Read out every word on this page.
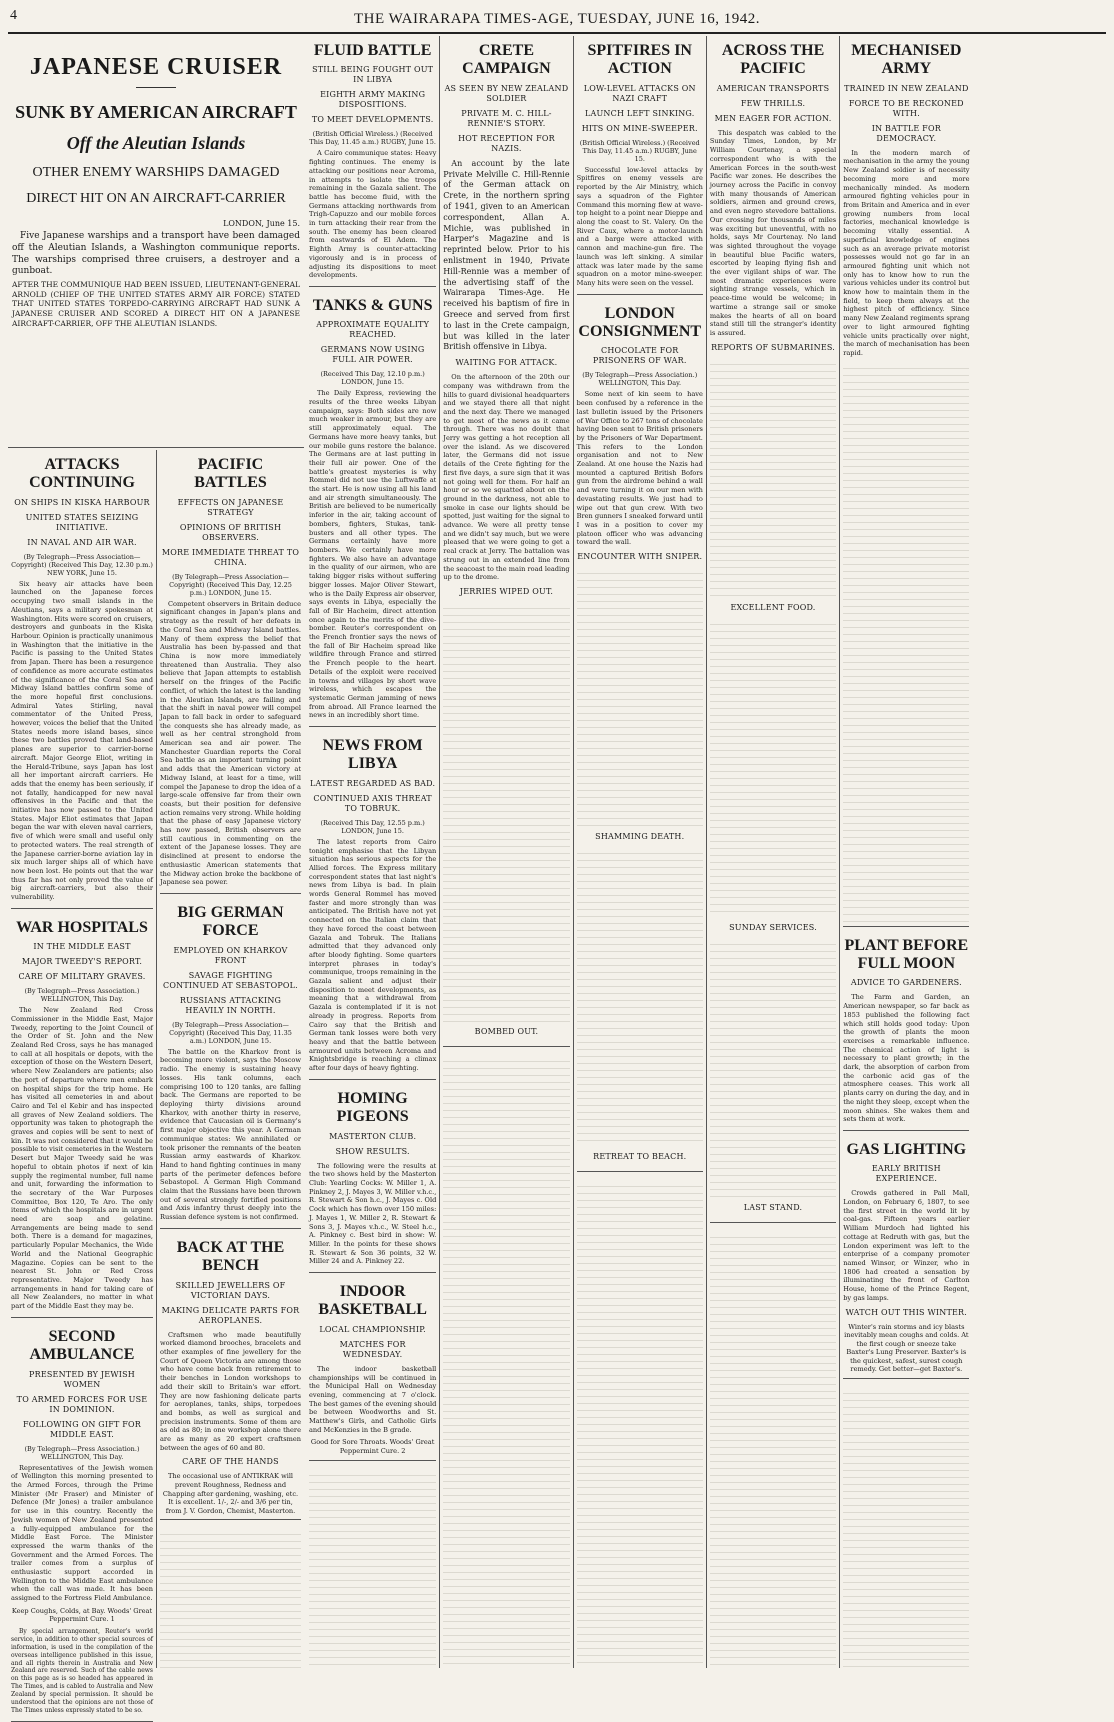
4	THE WAIRARAPA TIMES-AGE, TUESDAY, JUNE 16, 1942.
JAPANESE CRUISER
SUNK BY AMERICAN AIRCRAFT
Off the Aleutian Islands
OTHER ENEMY WARSHIPS DAMAGED
DIRECT HIT ON AN AIRCRAFT-CARRIER
LONDON, June 15.

Five Japanese warships and a transport have been damaged off the Aleutian Islands, a Washington communique reports. The warships comprised three cruisers, a destroyer and a gunboat.

AFTER THE COMMUNIQUE HAD BEEN ISSUED, LIEUTENANT-GENERAL ARNOLD (CHIEF OF THE UNITED STATES ARMY AIR FORCE) STATED THAT UNITED STATES TORPEDO-CARRYING AIRCRAFT HAD SUNK A JAPANESE CRUISER AND SCORED A DIRECT HIT ON A JAPANESE AIRCRAFT-CARRIER, OFF THE ALEUTIAN ISLANDS.

ATTACKS CONTINUING
ON SHIPS IN KISKA HARBOUR
UNITED STATES SEIZING INITIATIVE.
IN NAVAL AND AIR WAR.
(By Telegraph—Press Association—Copyright) (Received This Day, 12.30 p.m.) NEW YORK, June 15.

Six heavy air attacks have been launched on the Japanese forces occupying two small islands in the Aleutians, says a military spokesman at Washington. Hits were scored on cruisers, destroyers and gunboats in the Kiska Harbour. Opinion is practically unanimous in Washington that the initiative in the Pacific is passing to the United States from Japan. There has been a resurgence of confidence as more accurate estimates of the significance of the Coral Sea and Midway Island battles confirm some of the more hopeful first conclusions. Admiral Yates Stirling, naval commentator of the United Press, however, voices the belief that the United States needs more island bases, since these two battles proved that land-based planes are superior to carrier-borne aircraft. Major George Eliot, writing in the Herald-Tribune, says Japan has lost all her important aircraft carriers. He adds that the enemy has been seriously, if not fatally, handicapped for new naval offensives in the Pacific and that the initiative has now passed to the United States. Major Eliot estimates that Japan began the war with eleven naval carriers, five of which were small and useful only to protected waters. The real strength of the Japanese carrier-borne aviation lay in six much larger ships all of which have now been lost. He points out that the war thus far has not only proved the value of big aircraft-carriers, but also their vulnerability.

WAR HOSPITALS
IN THE MIDDLE EAST
MAJOR TWEEDY'S REPORT.
CARE OF MILITARY GRAVES.
(By Telegraph—Press Association.) WELLINGTON, This Day.

The New Zealand Red Cross Commissioner in the Middle East, Major Tweedy, reporting to the Joint Council of the Order of St. John and the New Zealand Red Cross, says he has managed to call at all hospitals or depots, with the exception of those on the Western Desert, where New Zealanders are patients; also the port of departure where men embark on hospital ships for the trip home. He has visited all cemeteries in and about Cairo and Tel el Kebir and has inspected all graves of New Zealand soldiers. The opportunity was taken to photograph the graves and copies will be sent to next of kin. It was not considered that it would be possible to visit cemeteries in the Western Desert but Major Tweedy said he was hopeful to obtain photos if next of kin supply the regimental number, full name and unit, forwarding the information to the secretary of the War Purposes Committee, Box 120, Te Aro. The only items of which the hospitals are in urgent need are soap and gelatine. Arrangements are being made to send both. There is a demand for magazines, particularly Popular Mechanics, the Wide World and the National Geographic Magazine. Copies can be sent to the nearest St. John or Red Cross representative. Major Tweedy has arrangements in hand for taking care of all New Zealanders, no matter in what part of the Middle East they may be.

SECOND AMBULANCE
PRESENTED BY JEWISH WOMEN
TO ARMED FORCES FOR USE IN DOMINION.
FOLLOWING ON GIFT FOR MIDDLE EAST.
(By Telegraph—Press Association.) WELLINGTON, This Day.

Representatives of the Jewish women of Wellington this morning presented to the Armed Forces, through the Prime Minister (Mr Fraser) and Minister of Defence (Mr Jones) a trailer ambulance for use in this country. Recently the Jewish women of New Zealand presented a fully-equipped ambulance for the Middle East Force. The Minister expressed the warm thanks of the Government and the Armed Forces. The trailer comes from a surplus of enthusiastic support accorded in Wellington to the Middle East ambulance when the call was made. It has been assigned to the Fortress Field Ambulance.

Keep Coughs, Colds, at Bay. Woods' Great Peppermint Cure. 1

By special arrangement, Reuter's world service, in addition to other special sources of information, is used in the compilation of the overseas intelligence published in this issue, and all rights therein in Australia and New Zealand are reserved. Such of the cable news on this page as is so headed has appeared in The Times, and is cabled to Australia and New Zealand by special permission. It should be understood that the opinions are not those of The Times unless expressly stated to be so.

PACIFIC BATTLES
EFFECTS ON JAPANESE STRATEGY
OPINIONS OF BRITISH OBSERVERS.
MORE IMMEDIATE THREAT TO CHINA.
(By Telegraph—Press Association—Copyright) (Received This Day, 12.25 p.m.) LONDON, June 15.

Competent observers in Britain deduce significant changes in Japan's plans and strategy as the result of her defeats in the Coral Sea and Midway Island battles. Many of them express the belief that Australia has been by-passed and that China is now more immediately threatened than Australia. They also believe that Japan attempts to establish herself on the fringes of the Pacific conflict, of which the latest is the landing in the Aleutian Islands, are failing and that the shift in naval power will compel Japan to fall back in order to safeguard the conquests she has already made, as well as her central stronghold from American sea and air power. The Manchester Guardian reports the Coral Sea battle as an important turning point and adds that the American victory at Midway Island, at least for a time, will compel the Japanese to drop the idea of a large-scale offensive far from their own coasts, but their position for defensive action remains very strong. While holding that the phase of easy Japanese victory has now passed, British observers are still cautious in commenting on the extent of the Japanese losses. They are disinclined at present to endorse the enthusiastic American statements that the Midway action broke the backbone of Japanese sea power.

BIG GERMAN FORCE
EMPLOYED ON KHARKOV FRONT
SAVAGE FIGHTING CONTINUED AT SEBASTOPOL.
RUSSIANS ATTACKING HEAVILY IN NORTH.
(By Telegraph—Press Association—Copyright) (Received This Day, 11.35 a.m.) LONDON, June 15.

The battle on the Kharkov front is becoming more violent, says the Moscow radio. The enemy is sustaining heavy losses. His tank columns, each comprising 100 to 120 tanks, are falling back. The Germans are reported to be deploying thirty divisions around Kharkov, with another thirty in reserve, evidence that Caucasian oil is Germany's first major objective this year. A German communique states: We annihilated or took prisoner the remnants of the beaten Russian army eastwards of Kharkov. Hand to hand fighting continues in many parts of the perimeter defences before Sebastopol. A German High Command claim that the Russians have been thrown out of several strongly fortified positions and Axis infantry thrust deeply into the Russian defence system is not confirmed.

BACK AT THE BENCH
SKILLED JEWELLERS OF VICTORIAN DAYS.
MAKING DELICATE PARTS FOR AEROPLANES.

Craftsmen who made beautifully worked diamond brooches, bracelets and other examples of fine jewellery for the Court of Queen Victoria are among those who have come back from retirement to their benches in London workshops to add their skill to Britain's war effort. They are now fashioning delicate parts for aeroplanes, tanks, ships, torpedoes and bombs, as well as surgical and precision instruments. Some of them are as old as 80; in one workshop alone there are as many as 20 expert craftsmen between the ages of 60 and 80.

CARE OF THE HANDS
The occasional use of ANTIKRAK will prevent Roughness, Redness and Chapping after gardening, washing, etc. It is excellent. 1/-, 2/- and 3/6 per tin, from J. V. Gordon, Chemist, Masterton.
FLUID BATTLE
STILL BEING FOUGHT OUT IN LIBYA
EIGHTH ARMY MAKING DISPOSITIONS.
TO MEET DEVELOPMENTS.
(British Official Wireless.) (Received This Day, 11.45 a.m.) RUGBY, June 15.

A Cairo communique states: Heavy fighting continues. The enemy is attacking our positions near Acroma, in attempts to isolate the troops remaining in the Gazala salient. The battle has become fluid, with the Germans attacking northwards from Trigh-Capuzzo and our mobile forces in turn attacking their rear from the south. The enemy has been cleared from eastwards of El Adem. The Eighth Army is counter-attacking vigorously and is in process of adjusting its dispositions to meet developments.

TANKS & GUNS
APPROXIMATE EQUALITY REACHED.
GERMANS NOW USING FULL AIR POWER.
(Received This Day, 12.10 p.m.) LONDON, June 15.

The Daily Express, reviewing the results of the three weeks Libyan campaign, says: Both sides are now much weaker in armour, but they are still approximately equal. The Germans have more heavy tanks, but our mobile guns restore the balance. The Germans are at last putting in their full air power. One of the battle's greatest mysteries is why Rommel did not use the Luftwaffe at the start. He is now using all his land and air strength simultaneously. The British are believed to be numerically inferior in the air, taking account of bombers, fighters, Stukas, tank-busters and all other types. The Germans certainly have more bombers. We certainly have more fighters. We also have an advantage in the quality of our airmen, who are taking bigger risks without suffering bigger losses. Major Oliver Stewart, who is the Daily Express air observer, says events in Libya, especially the fall of Bir Hacheim, direct attention once again to the merits of the dive-bomber. Reuter's correspondent on the French frontier says the news of the fall of Bir Hacheim spread like wildfire through France and stirred the French people to the heart. Details of the exploit were received in towns and villages by short wave wireless, which escapes the systematic German jamming of news from abroad. All France learned the news in an incredibly short time.

NEWS FROM LIBYA
LATEST REGARDED AS BAD.
CONTINUED AXIS THREAT TO TOBRUK.
(Received This Day, 12.55 p.m.) LONDON, June 15.

The latest reports from Cairo tonight emphasise that the Libyan situation has serious aspects for the Allied forces. The Express military correspondent states that last night's news from Libya is bad. In plain words General Rommel has moved faster and more strongly than was anticipated. The British have not yet connected on the Italian claim that they have forced the coast between Gazala and Tobruk. The Italians admitted that they advanced only after bloody fighting. Some quarters interpret phrases in today's communique, troops remaining in the Gazala salient and adjust their disposition to meet developments, as meaning that a withdrawal from Gazala is contemplated if it is not already in progress. Reports from Cairo say that the British and German tank losses were both very heavy and that the battle between armoured units between Acroma and Knightsbridge is reaching a climax after four days of heavy fighting.

HOMING PIGEONS
MASTERTON CLUB.
SHOW RESULTS.

The following were the results at the two shows held by the Masterton Club: Yearling Cocks: W. Miller 1, A. Pinkney 2, J. Mayes 3, W. Miller v.h.c., R. Stewart & Son h.c., J. Mayes c. Old Cock which has flown over 150 miles: J. Mayes 1, W. Miller 2, R. Stewart & Sons 3, J. Mayes v.h.c., W. Steel h.c., A. Pinkney c. Best bird in show: W. Miller. In the points for these shows R. Stewart & Son 36 points, 32 W. Miller 24 and A. Pinkney 22.

INDOOR BASKETBALL
LOCAL CHAMPIONSHIP.
MATCHES FOR WEDNESDAY.

The indoor basketball championships will be continued in the Municipal Hall on Wednesday evening, commencing at 7 o'clock. The best games of the evening should be between Woodworths and St. Matthew's Girls, and Catholic Girls and McKenzies in the B grade.

Good for Sore Throats. Woods' Great Peppermint Cure. 2
CRETE CAMPAIGN
AS SEEN BY NEW ZEALAND SOLDIER
PRIVATE M. C. HILL-RENNIE'S STORY.
HOT RECEPTION FOR NAZIS.

An account by the late Private Melville C. Hill-Rennie of the German attack on Crete, in the northern spring of 1941, given to an American correspondent, Allan A. Michie, was published in Harper's Magazine and is reprinted below. Prior to his enlistment in 1940, Private Hill-Rennie was a member of the advertising staff of the Wairarapa Times-Age. He received his baptism of fire in Greece and served from first to last in the Crete campaign, but was killed in the later British offensive in Libya.

WAITING FOR ATTACK.

On the afternoon of the 20th our company was withdrawn from the hills to guard divisional headquarters and we stayed there all that night and the next day. There we managed to get most of the news as it came through. There was no doubt that Jerry was getting a hot reception all over the island. As we discovered later, the Germans did not issue details of the Crete fighting for the first five days, a sure sign that it was not going well for them. For half an hour or so we squatted about on the ground in the darkness, not able to smoke in case our lights should be spotted, just waiting for the signal to advance. We were all pretty tense and we didn't say much, but we were pleased that we were going to get a real crack at Jerry. The battalion was strung out in an extended line from the seacoast to the main road leading up to the drome.

JERRIES WIPED OUT.
BOMBED OUT.
SPITFIRES IN ACTION
LOW-LEVEL ATTACKS ON NAZI CRAFT
LAUNCH LEFT SINKING.
HITS ON MINE-SWEEPER.
(British Official Wireless.) (Received This Day, 11.45 a.m.) RUGBY, June 15.

Successful low-level attacks by Spitfires on enemy vessels are reported by the Air Ministry, which says a squadron of the Fighter Command this morning flew at wave-top height to a point near Dieppe and along the coast to St. Valery. On the River Caux, where a motor-launch and a barge were attacked with cannon and machine-gun fire. The launch was left sinking. A similar attack was later made by the same squadron on a motor mine-sweeper. Many hits were seen on the vessel.

LONDON CONSIGNMENT
CHOCOLATE FOR PRISONERS OF WAR.
(By Telegraph—Press Association.) WELLINGTON, This Day.

Some next of kin seem to have been confused by a reference in the last bulletin issued by the Prisoners of War Office to 267 tons of chocolate having been sent to British prisoners by the Prisoners of War Department. This refers to the London organisation and not to New Zealand. At one house the Nazis had mounted a captured British Bofors gun from the airdrome behind a wall and were turning it on our men with devastating results. We just had to wipe out that gun crew. With two Bren gunners I sneaked forward until I was in a position to cover my platoon officer who was advancing toward the wall.

ENCOUNTER WITH SNIPER.
SHAMMING DEATH.
RETREAT TO BEACH.
ACROSS THE PACIFIC
AMERICAN TRANSPORTS
FEW THRILLS.
MEN EAGER FOR ACTION.

This despatch was cabled to the Sunday Times, London, by Mr William Courtenay, a special correspondent who is with the American Forces in the south-west Pacific war zones. He describes the journey across the Pacific in convoy with many thousands of American soldiers, airmen and ground crews, and even negro stevedore battalions. Our crossing for thousands of miles was exciting but uneventful, with no holds, says Mr Courtenay. No land was sighted throughout the voyage in beautiful blue Pacific waters, escorted by leaping flying fish and the ever vigilant ships of war. The most dramatic experiences were sighting strange vessels, which in peace-time would be welcome; in wartime a strange sail or smoke makes the hearts of all on board stand still till the stranger's identity is assured.

REPORTS OF SUBMARINES.
EXCELLENT FOOD.
SUNDAY SERVICES.
LAST STAND.
MECHANISED ARMY
TRAINED IN NEW ZEALAND
FORCE TO BE RECKONED WITH.
IN BATTLE FOR DEMOCRACY.

In the modern march of mechanisation in the army the young New Zealand soldier is of necessity becoming more and more mechanically minded. As modern armoured fighting vehicles pour in from Britain and America and in ever growing numbers from local factories, mechanical knowledge is becoming vitally essential. A superficial knowledge of engines such as an average private motorist possesses would not go far in an armoured fighting unit which not only has to know how to run the various vehicles under its control but know how to maintain them in the field, to keep them always at the highest pitch of efficiency. Since many New Zealand regiments sprang over to light armoured fighting vehicle units practically over night, the march of mechanisation has been rapid.

PLANT BEFORE FULL MOON
ADVICE TO GARDENERS.

The Farm and Garden, an American newspaper, so far back as 1853 published the following fact which still holds good today: Upon the growth of plants the moon exercises a remarkable influence. The chemical action of light is necessary to plant growth; in the dark, the absorption of carbon from the carbonic acid gas of the atmosphere ceases. This work all plants carry on during the day, and in the night they sleep, except when the moon shines. She wakes them and sets them at work.

GAS LIGHTING
EARLY BRITISH EXPERIENCE.

Crowds gathered in Pall Mall, London, on February 6, 1807, to see the first street in the world lit by coal-gas. Fifteen years earlier William Murdoch had lighted his cottage at Redruth with gas, but the London experiment was left to the enterprise of a company promoter named Winsor, or Winzer, who in 1806 had created a sensation by illuminating the front of Carlton House, home of the Prince Regent, by gas lamps.

WATCH OUT THIS WINTER.
Winter's rain storms and icy blasts inevitably mean coughs and colds. At the first cough or sneeze take Baxter's Lung Preserver. Baxter's is the quickest, safest, surest cough remedy. Get better—get Baxter's.
